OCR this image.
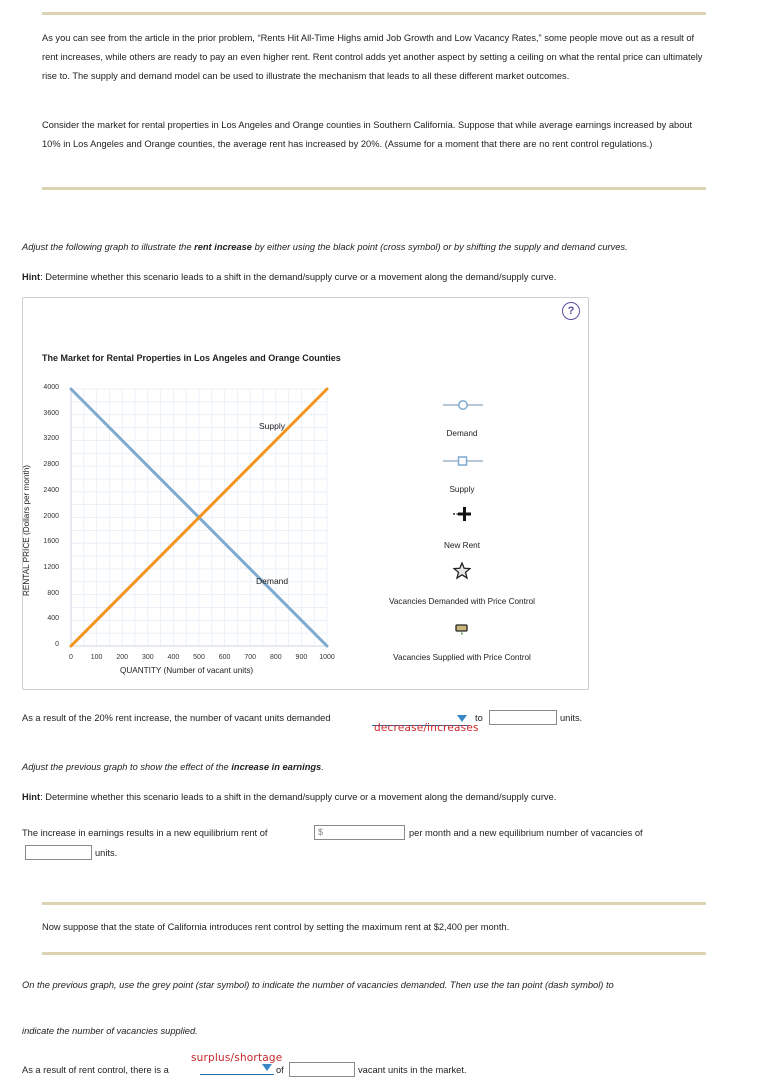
As you can see from the article in the prior problem, “Rents Hit All-Time Highs amid Job Growth and Low Vacancy Rates,” some people move out as a result of rent increases, while others are ready to pay an even higher rent. Rent control adds yet another aspect by setting a ceiling on what the rental price can ultimately rise to. The supply and demand model can be used to illustrate the mechanism that leads to all these different market outcomes.
Consider the market for rental properties in Los Angeles and Orange counties in Southern California. Suppose that while average earnings increased by about 10% in Los Angeles and Orange counties, the average rent has increased by 20%. (Assume for a moment that there are no rent control regulations.)
Adjust the following graph to illustrate the rent increase by either using the black point (cross symbol) or by shifting the supply and demand curves.
Hint: Determine whether this scenario leads to a shift in the demand/supply curve or a movement along the demand/supply curve.
?
The Market for Rental Properties in Los Angeles and Orange Counties
RENTAL PRICE (Dollars per month)
QUANTITY (Number of vacant units)
0
400
800
1200
1600
2000
2400
2800
3200
3600
4000
0	100 200 300 400 500 600 700 800 900 1000
Supply
Demand
Demand
Supply
New Rent
Vacancies Demanded with Price Control
Vacancies Supplied with Price Control
As a result of the 20% rent increase, the number of vacant units demanded
decrease/increases
to	units.
Adjust the previous graph to show the effect of the increase in earnings.
Hint: Determine whether this scenario leads to a shift in the demand/supply curve or a movement along the demand/supply curve.
The increase in earnings results in a new equilibrium rent of	$	per month and a new equilibrium number of vacancies of
units.
Now suppose that the state of California introduces rent control by setting the maximum rent at $2,400 per month.
On the previous graph, use the grey point (star symbol) to indicate the number of vacancies demanded. Then use the tan point (dash symbol) to
indicate the number of vacancies supplied.
As a result of rent control, there is a
surplus/shortage
of	vacant units in the market.
